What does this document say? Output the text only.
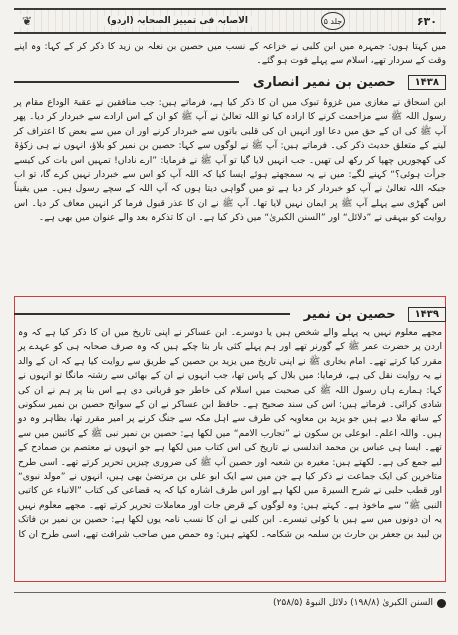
۶۳۰
جلد ۵
الاصابہ فی تمییز الصحابہ (اردو)
❦

میں کہتا ہوں: جمہرہ میں ابن کلبی نے خزاعہ کے نسب میں حصین بن نعلہ بن زید کا ذکر کر کے کہا: وہ اپنے وقت کے سردار تھے، اسلام سے پہلے فوت ہو گئے۔

۱۴۳۸
حصین بن نمیر انصاری

ابن اسحاق نے مغازی میں غزوۂ تبوک میں ان کا ذکر کیا ہے، فرماتے ہیں: جب منافقین نے عقبۃ الوداع مقام پر رسول اللہ ﷺ سے مزاحمت کرنے کا ارادہ کیا تو اللہ تعالیٰ نے آپ ﷺ کو ان کے اس ارادے سے خبردار کر دیا۔ پھر آپ ﷺ کی ان کے حق میں دعا اور انہیں ان کی قلبی باتوں سے خبردار کرنے اور ان میں سے بعض کا اعتراف کر لینے کے متعلق حدیث ذکر کی۔ فرماتے ہیں: آپ ﷺ نے لوگوں سے کہا: حصین بن نمیر کو بلاؤ، انہوں نے ہی زکوٰۃ کی کھجوریں چھپا کر رکھ لی تھیں۔ جب انہیں لایا گیا تو آپ ﷺ نے فرمایا: ”ارے ناداں! تمہیں اس بات کی کیسے جرأت ہوئی؟“ کہنے لگے: میں نے یہ سمجھتے ہوئے ایسا کیا کہ اللہ آپ کو اس سے خبردار نہیں کرے گا، تو اب جبکہ اللہ تعالیٰ نے آپ کو خبردار کر دیا ہے تو میں گواہی دیتا ہوں کہ آپ اللہ کے سچے رسول ہیں۔ میں یقیناً اس گھڑی سے پہلے آپ ﷺ پر ایمان نہیں لایا تھا۔ آپ ﷺ نے ان کا عذر قبول فرما کر انہیں معاف کر دیا۔ اس روایت کو بیہقی نے ”دلائل“ اور ”السنن الکبریٰ“ میں ذکر کیا ہے۔ ان کا تذکرہ بعد والے عنوان میں بھی ہے۔

۱۴۳۹
حصین بن نمیر

مجھے معلوم نہیں یہ پہلے والے شخص ہیں یا دوسرے۔ ابن عساکر نے اپنی تاریخ میں ان کا ذکر کیا ہے کہ وہ اردن پر حضرت عمر ﷺ کے گورنر تھے اور ہم پہلے کئی بار بتا چکے ہیں کہ وہ صرف صحابہ ہی کو عہدے پر مقرر کیا کرتے تھے۔ امام بخاری ﷺ نے اپنی تاریخ میں یزید بن حصین کے طریق سے روایت کیا ہے کہ ان کے والد نے یہ روایت نقل کی ہے، فرمایا: میں بلال کے پاس تھا، جب انہوں نے ان کے بھائی سے رشتہ مانگا تو انہوں نے کہا: ہمارے ہاں رسول اللہ ﷺ کی صحبت میں اسلام کی خاطر جو قربانی دی ہے اس بنا پر ہم نے ان کی شادی کرائی۔ فرماتے ہیں: اس کی سند صحیح ہے۔ حافظ ابن عساکر نے ان کے سوانح حصین بن نمیر سکونی کے ساتھ ملا دیے ہیں جو یزید بن معاویہ کی طرف سے اہل مکہ سے جنگ کرنے پر امیر مقرر تھا، بظاہر وہ دو ہیں۔ واللہ اعلم۔ ابوعلی بن سکون نے ”تجارب الامم“ میں لکھا ہے: حصین بن نمیر نبی ﷺ کے کاتبین میں سے تھے۔ ایسا ہی عباس بن محمد اندلسی نے تاریخ کی اس کتاب میں لکھا ہے جو انہوں نے معتصم بن صمادح کے لیے جمع کی ہے۔ لکھتے ہیں: مغیرہ بن شعبہ اور حصین آپ ﷺ کی ضروری چیزیں تحریر کرتے تھے۔ اسی طرح متاخرین کی ایک جماعت نے ذکر کیا ہے جن میں سے ایک ابو علی بن مرتضیٰ بھی ہیں، انہوں نے ”مولد نبوی“ اور قطب حلبی نے شرح السیرۃ میں لکھا ہے اور اس طرف اشارہ کیا کہ یہ قضاعی کی کتاب ”الانباء عن کاتبی النبی ﷺ“ سے ماخوذ ہے۔ کہتے ہیں: وہ لوگوں کے قرض جات اور معاملات تحریر کرتے تھے۔ مجھے معلوم نہیں یہ ان دونوں میں سے ہیں یا کوئی تیسرے۔ ابن کلبی نے ان کا نسب نامہ یوں لکھا ہے: حصین بن نمیر بن فاتک بن لبید بن جعفر بن حارث بن سلمہ بن شکامہ۔ لکھتے ہیں: وہ حمص میں صاحب شرافت تھے، اسی طرح ان کا

السنن الکبریٰ (۱۹۸/۸) دلائل النبوۃ (۲۵۸/۵)
